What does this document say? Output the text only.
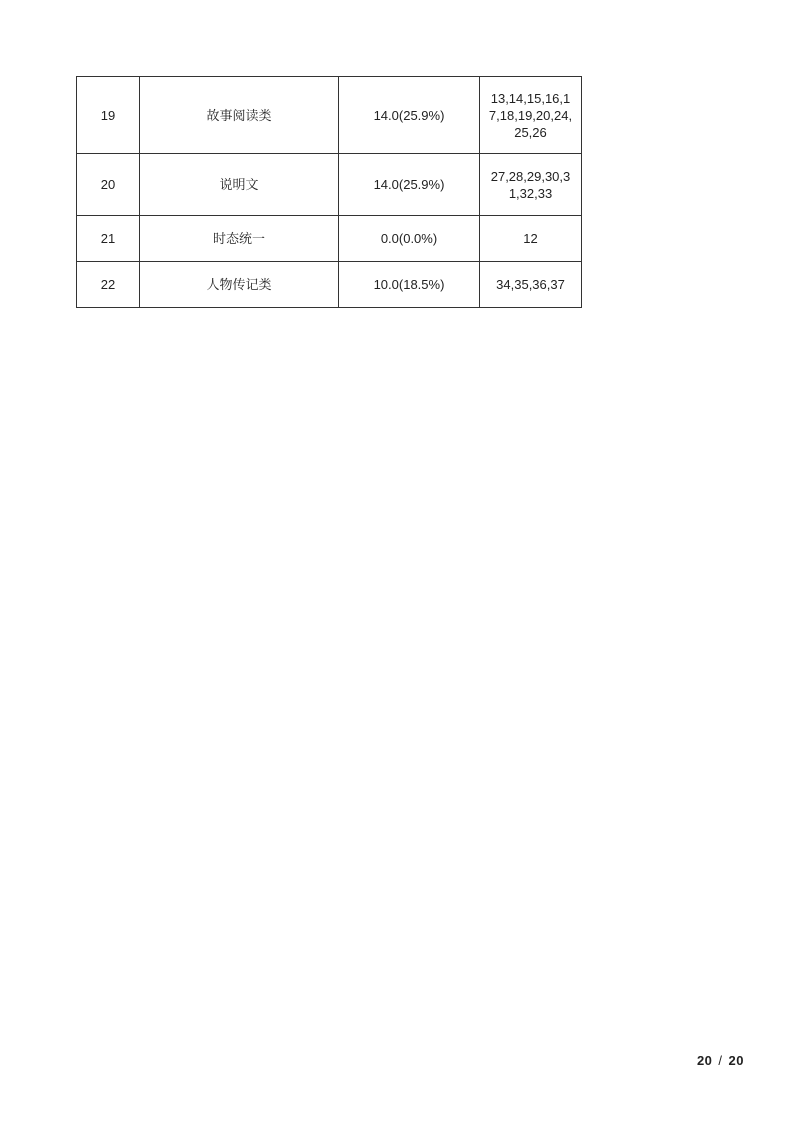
19	故事阅读类	14.0(25.9%)	13,14,15,16,17,18,19,20,24,25,26
20	说明文	14.0(25.9%)	27,28,29,30,31,32,33
21	时态统一	0.0(0.0%)	12
22	人物传记类	10.0(18.5%)	34,35,36,37
20 / 20
